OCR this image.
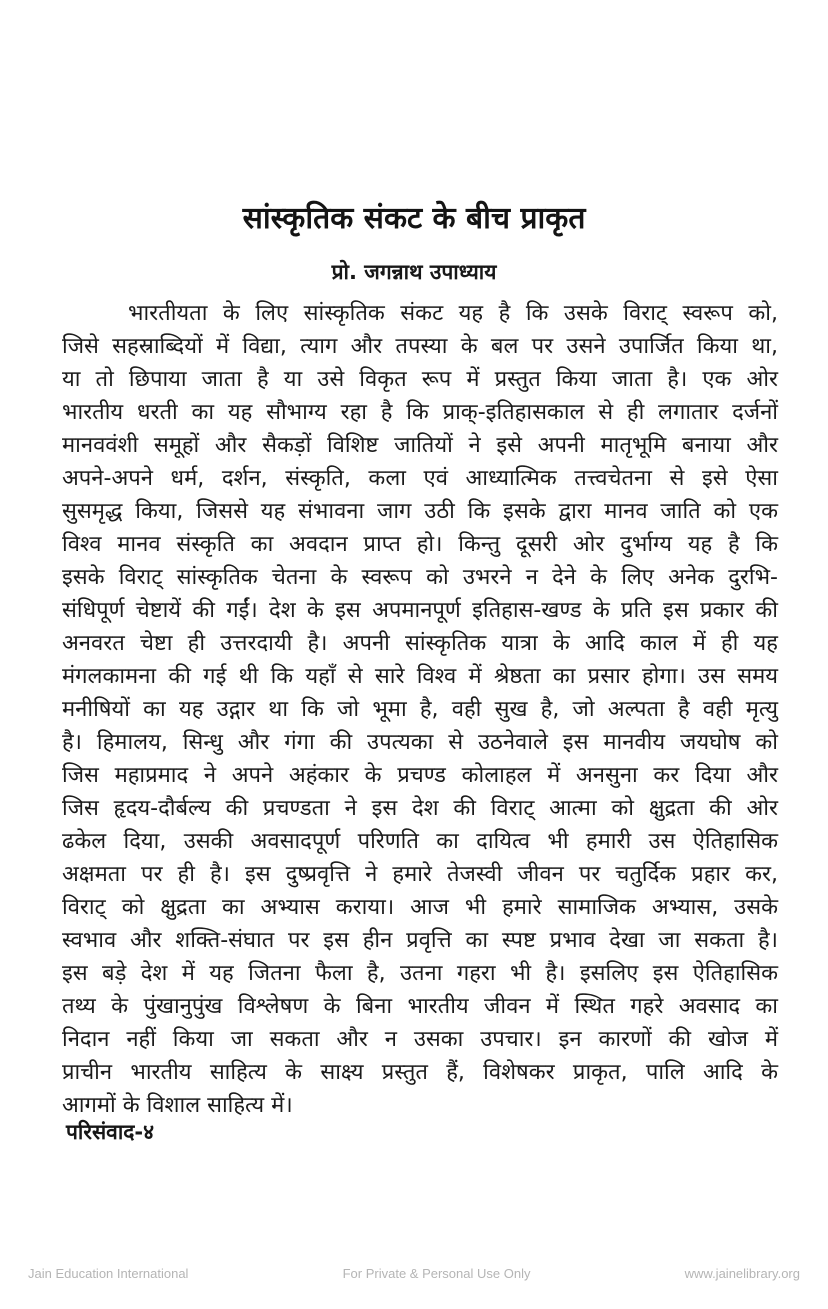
सांस्कृतिक संकट के बीच प्राकृत
प्रो. जगन्नाथ उपाध्याय
भारतीयता के लिए सांस्कृतिक संकट यह है कि उसके विराट् स्वरूप को,
जिसे सहस्राब्दियों में विद्या, त्याग और तपस्या के बल पर उसने उपार्जित किया था,
या तो छिपाया जाता है या उसे विकृत रूप में प्रस्तुत किया जाता है। एक ओर
भारतीय धरती का यह सौभाग्य रहा है कि प्राक्-इतिहासकाल से ही लगातार दर्जनों
मानववंशी समूहों और सैकड़ों विशिष्ट जातियों ने इसे अपनी मातृभूमि बनाया और
अपने-अपने धर्म, दर्शन, संस्कृति, कला एवं आध्यात्मिक तत्त्वचेतना से इसे ऐसा
सुसमृद्ध किया, जिससे यह संभावना जाग उठी कि इसके द्वारा मानव जाति को एक
विश्व मानव संस्कृति का अवदान प्राप्त हो। किन्तु दूसरी ओर दुर्भाग्य यह है कि
इसके विराट् सांस्कृतिक चेतना के स्वरूप को उभरने न देने के लिए अनेक दुरभि-
संधिपूर्ण चेष्टायें की गईं। देश के इस अपमानपूर्ण इतिहास-खण्ड के प्रति इस प्रकार की
अनवरत चेष्टा ही उत्तरदायी है। अपनी सांस्कृतिक यात्रा के आदि काल में ही यह
मंगलकामना की गई थी कि यहाँ से सारे विश्व में श्रेष्ठता का प्रसार होगा। उस समय
मनीषियों का यह उद्गार था कि जो भूमा है, वही सुख है, जो अल्पता है वही मृत्यु
है। हिमालय, सिन्धु और गंगा की उपत्यका से उठनेवाले इस मानवीय जयघोष को
जिस महाप्रमाद ने अपने अहंकार के प्रचण्ड कोलाहल में अनसुना कर दिया और
जिस हृदय-दौर्बल्य की प्रचण्डता ने इस देश की विराट् आत्मा को क्षुद्रता की ओर
ढकेल दिया, उसकी अवसादपूर्ण परिणति का दायित्व भी हमारी उस ऐतिहासिक
अक्षमता पर ही है। इस दुष्प्रवृत्ति ने हमारे तेजस्वी जीवन पर चतुर्दिक प्रहार कर,
विराट् को क्षुद्रता का अभ्यास कराया। आज भी हमारे सामाजिक अभ्यास, उसके
स्वभाव और शक्ति-संघात पर इस हीन प्रवृत्ति का स्पष्ट प्रभाव देखा जा सकता है।
इस बड़े देश में यह जितना फैला है, उतना गहरा भी है। इसलिए इस ऐतिहासिक
तथ्य के पुंखानुपुंख विश्लेषण के बिना भारतीय जीवन में स्थित गहरे अवसाद का
निदान नहीं किया जा सकता और न उसका उपचार। इन कारणों की खोज में
प्राचीन भारतीय साहित्य के साक्ष्य प्रस्तुत हैं, विशेषकर प्राकृत, पालि आदि के
आगमों के विशाल साहित्य में।
परिसंवाद-४
Jain Education International	For Private & Personal Use Only	www.jainelibrary.org
